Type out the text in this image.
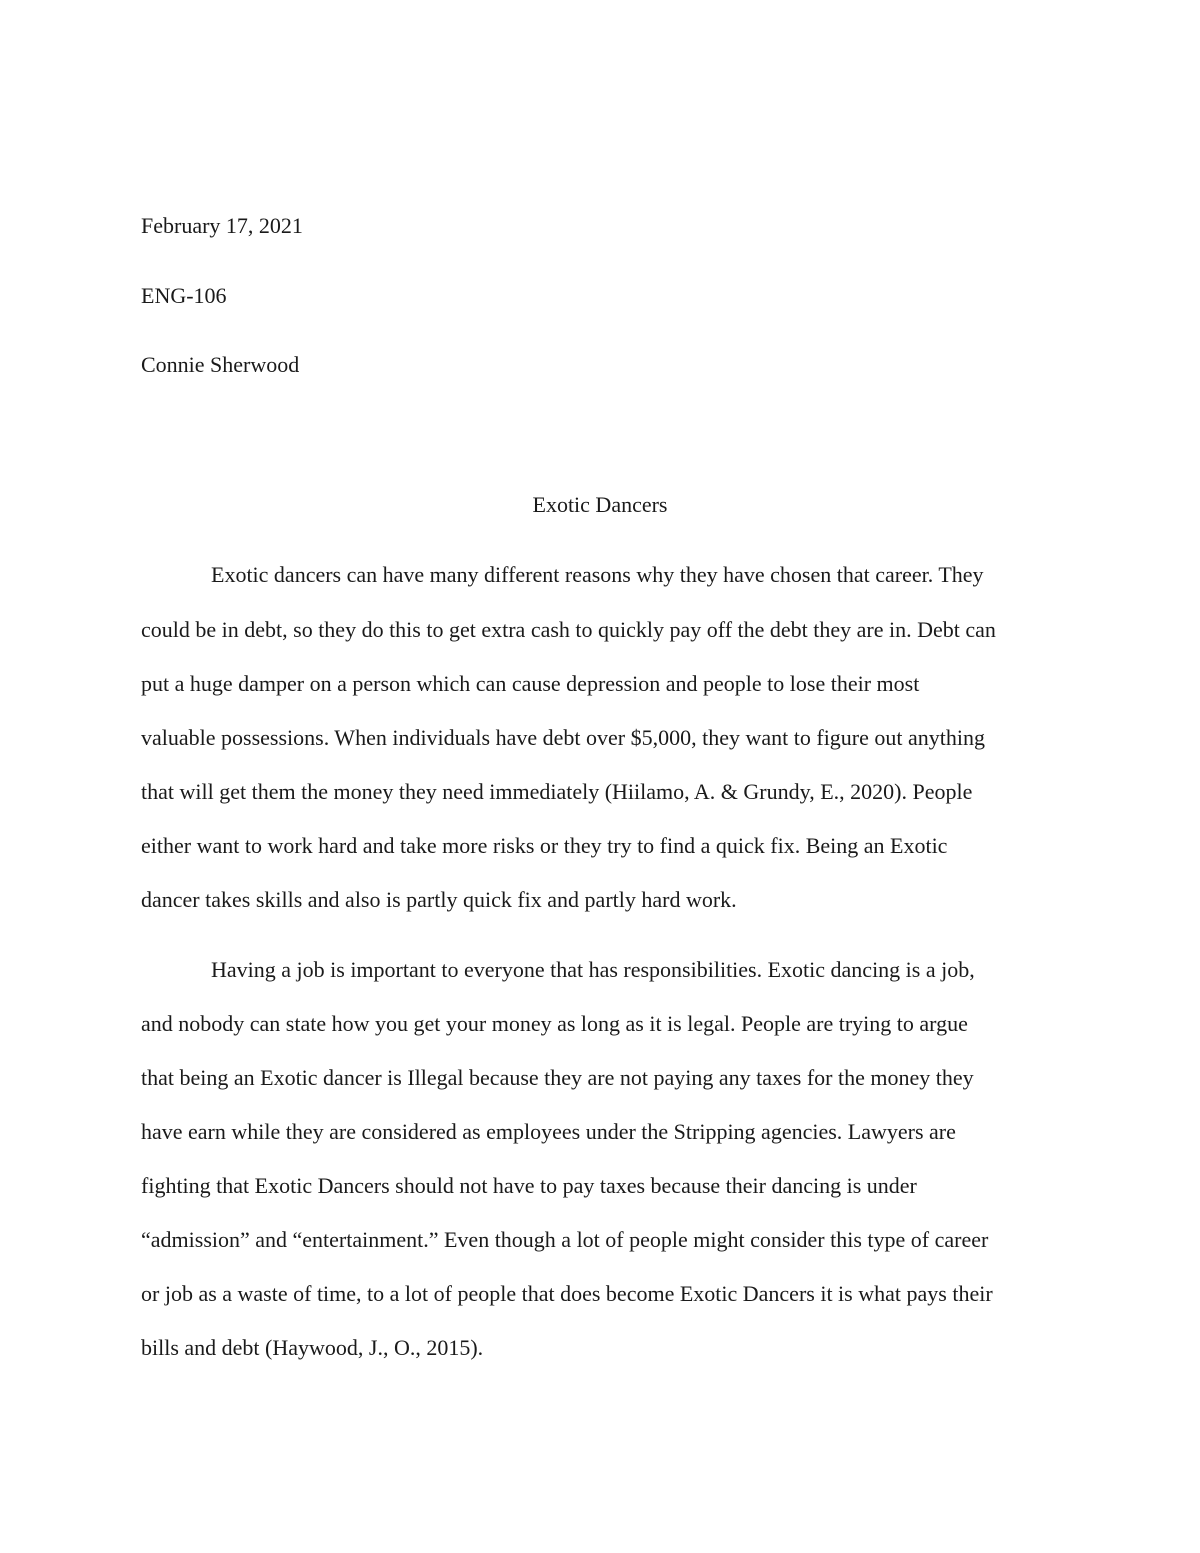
February 17, 2021
ENG-106
Connie Sherwood
Exotic Dancers
Exotic dancers can have many different reasons why they have chosen that career. They
could be in debt, so they do this to get extra cash to quickly pay off the debt they are in. Debt can
put a huge damper on a person which can cause depression and people to lose their most
valuable possessions. When individuals have debt over $5,000, they want to figure out anything
that will get them the money they need immediately (Hiilamo, A. & Grundy, E., 2020). People
either want to work hard and take more risks or they try to find a quick fix. Being an Exotic
dancer takes skills and also is partly quick fix and partly hard work.
Having a job is important to everyone that has responsibilities. Exotic dancing is a job,
and nobody can state how you get your money as long as it is legal. People are trying to argue
that being an Exotic dancer is Illegal because they are not paying any taxes for the money they
have earn while they are considered as employees under the Stripping agencies. Lawyers are
fighting that Exotic Dancers should not have to pay taxes because their dancing is under
“admission” and “entertainment.” Even though a lot of people might consider this type of career
or job as a waste of time, to a lot of people that does become Exotic Dancers it is what pays their
bills and debt (Haywood, J., O., 2015).
